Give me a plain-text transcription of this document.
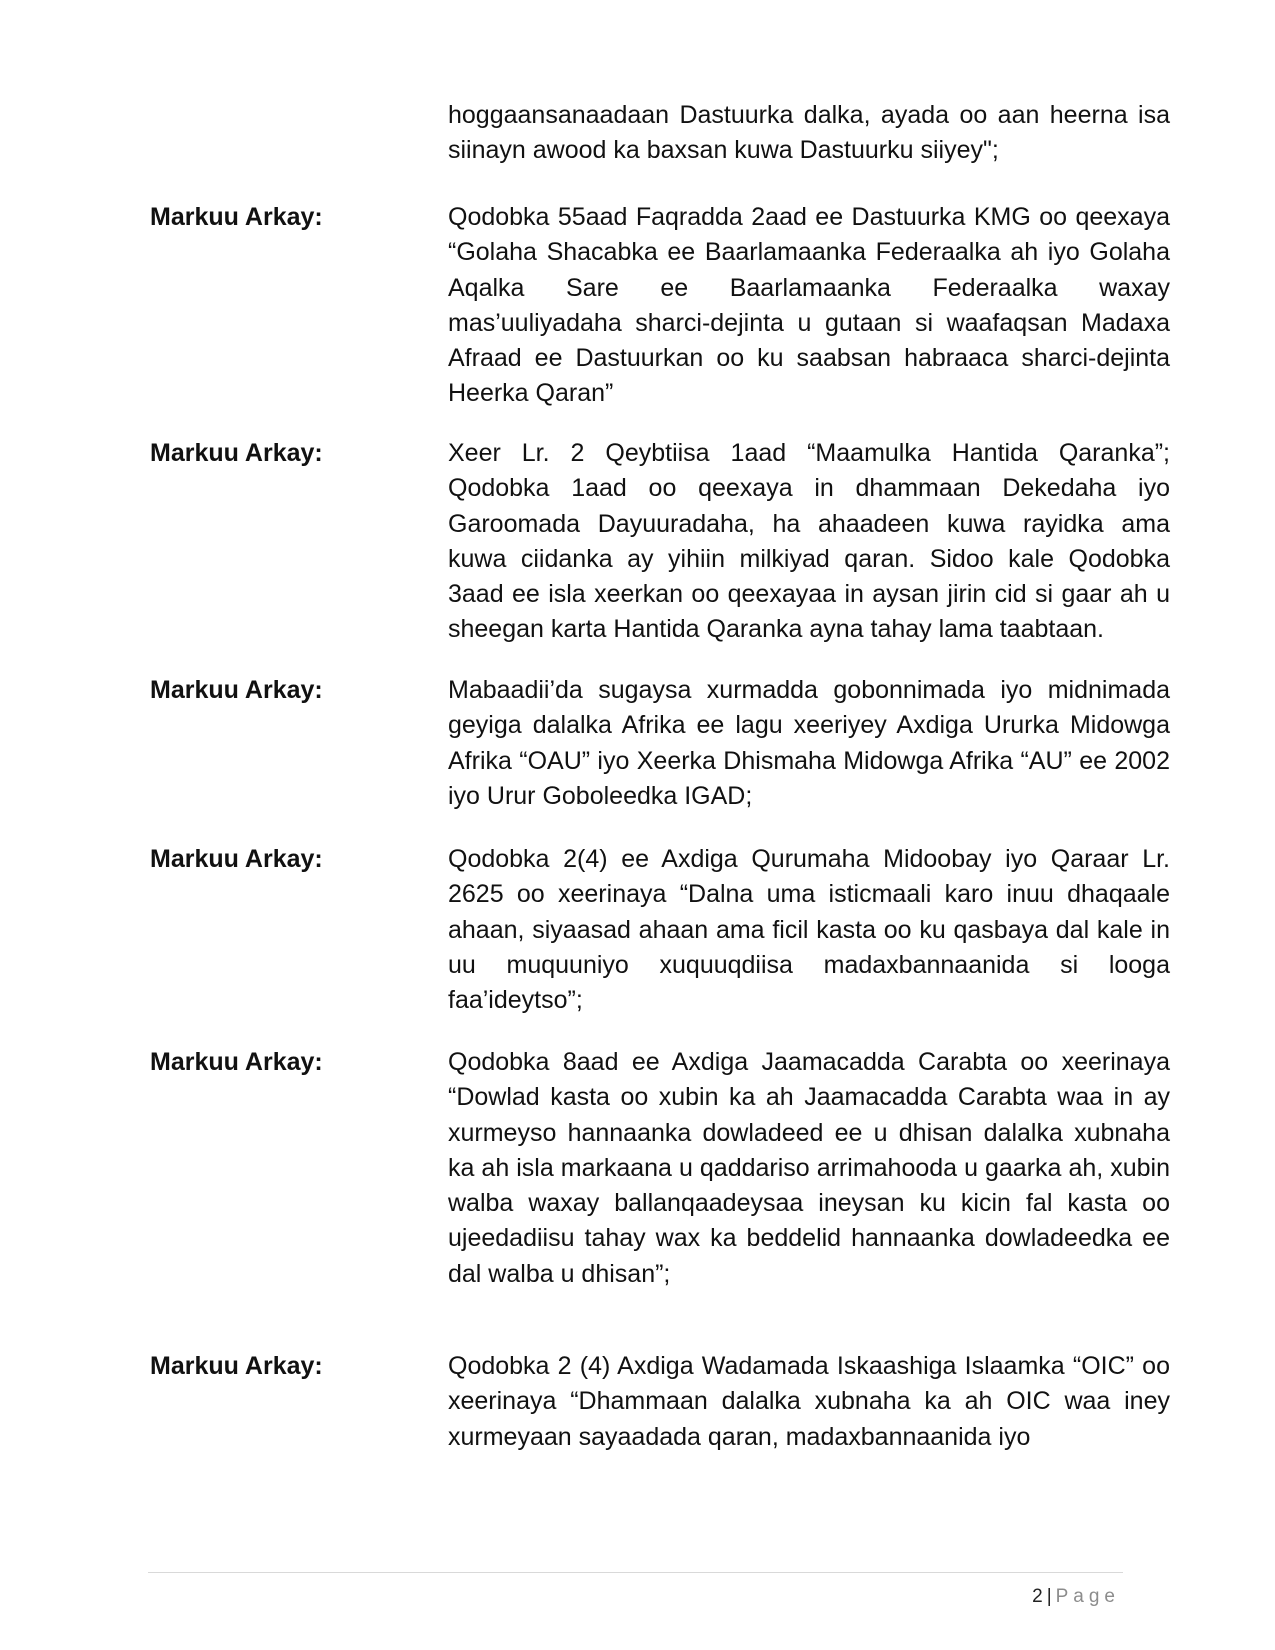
hoggaansanaadaan Dastuurka dalka, ayada oo aan heerna isa siinayn awood ka baxsan kuwa Dastuurku siiyey";
Markuu Arkay:	Qodobka 55aad Faqradda 2aad ee Dastuurka KMG oo qeexaya “Golaha Shacabka ee Baarlamaanka Federaalka ah iyo Golaha Aqalka Sare ee Baarlamaanka Federaalka waxay mas’uuliyadaha sharci-dejinta u gutaan si waafaqsan Madaxa Afraad ee Dastuurkan oo ku saabsan habraaca sharci-dejinta Heerka Qaran”
Markuu Arkay:	Xeer Lr. 2 Qeybtiisa 1aad “Maamulka Hantida Qaranka”; Qodobka 1aad oo qeexaya in dhammaan Dekedaha iyo Garoomada Dayuuradaha, ha ahaadeen kuwa rayidka ama kuwa ciidanka ay yihiin milkiyad qaran. Sidoo kale Qodobka 3aad ee isla xeerkan oo qeexayaa in aysan jirin cid si gaar ah u sheegan karta Hantida Qaranka ayna tahay lama taabtaan.
Markuu Arkay:	Mabaadii’da sugaysa xurmadda gobonnimada iyo midnimada geyiga dalalka Afrika ee lagu xeeriyey Axdiga Ururka Midowga Afrika “OAU” iyo Xeerka Dhismaha Midowga Afrika “AU” ee 2002 iyo Urur Goboleedka IGAD;
Markuu Arkay:	Qodobka 2(4) ee Axdiga Qurumaha Midoobay iyo Qaraar Lr. 2625 oo xeerinaya “Dalna uma isticmaali karo inuu dhaqaale ahaan, siyaasad ahaan ama ficil kasta oo ku qasbaya dal kale in uu muquuniyo xuquuqdiisa madaxbannaanida si looga faa’ideytso”;
Markuu Arkay:	Qodobka 8aad ee Axdiga Jaamacadda Carabta oo xeerinaya “Dowlad kasta oo xubin ka ah Jaamacadda Carabta waa in ay xurmeyso hannaanka dowladeed ee u dhisan dalalka xubnaha ka ah isla markaana u qaddariso arrimahooda u gaarka ah, xubin walba waxay ballanqaadeysaa ineysan ku kicin fal kasta oo ujeedadiisu tahay wax ka beddelid hannaanka dowladeedka ee dal walba u dhisan”;
Markuu Arkay:	Qodobka 2 (4) Axdiga Wadamada Iskaashiga Islaamka “OIC” oo xeerinaya “Dhammaan dalalka xubnaha ka ah OIC waa iney xurmeyaan sayaadada qaran, madaxbannaanida iyo
2 | Page
